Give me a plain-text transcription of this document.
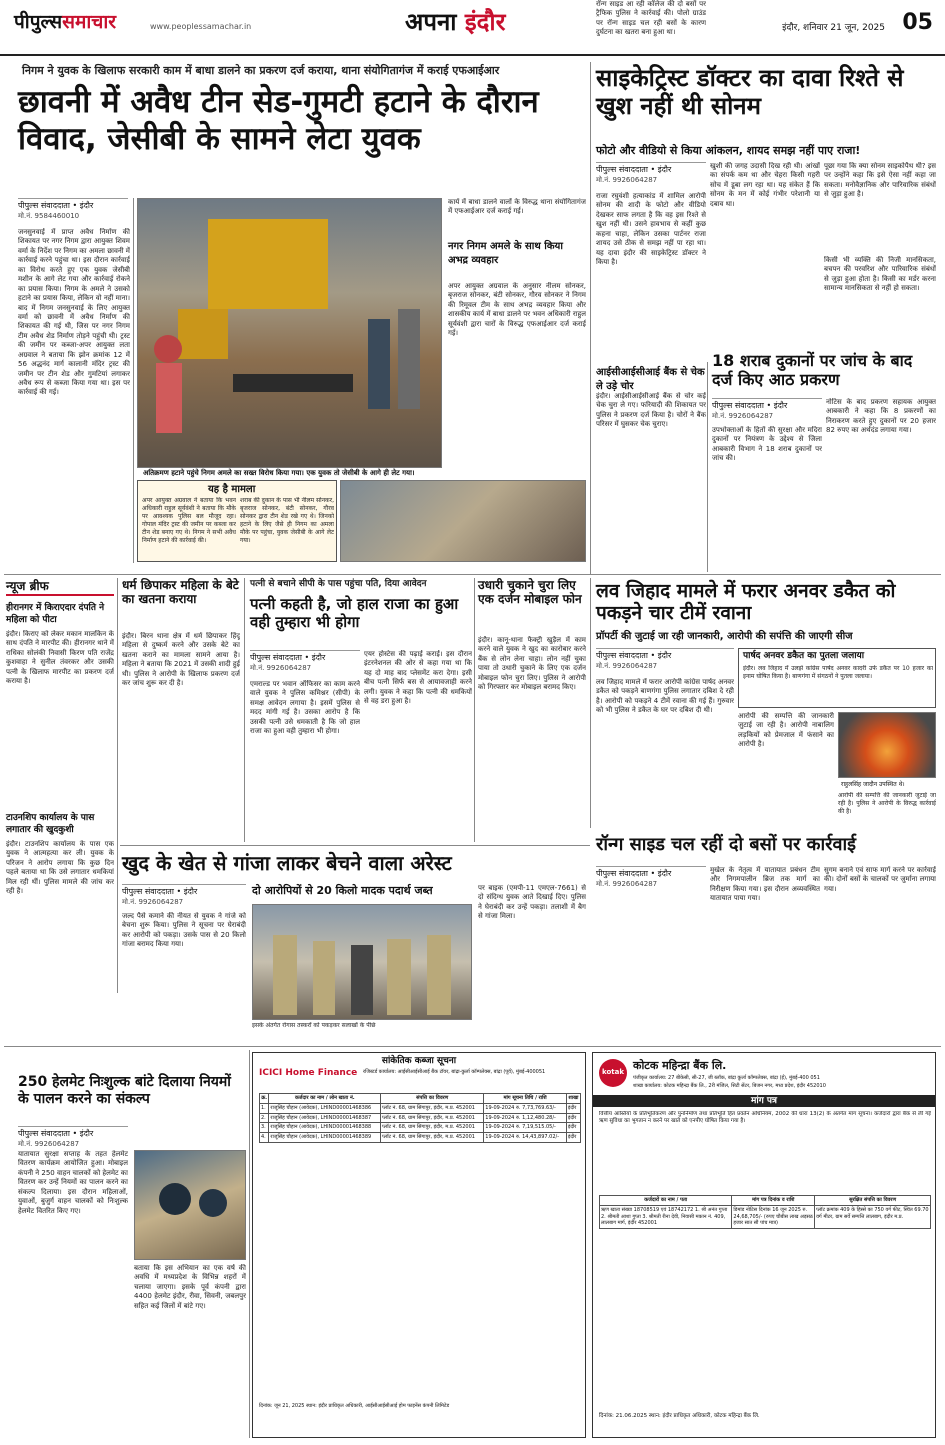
पीपुल्ससमाचार	www.peoplessamachar.in	अपना इंदौर	इंदौर, शनिवार 21 जून, 2025 05
निगम ने युवक के खिलाफ सरकारी काम में बाधा डालने का प्रकरण दर्ज कराया, थाना संयोगितागंज में कराई एफआईआर
छावनी में अवैध टीन सेड-गुमटी हटाने के दौरान विवाद, जेसीबी के सामने लेटा युवक
पीपुल्स संवाददाता • इंदौर
मो.नं. 9584460010
जनसुनवाई में प्राप्त अवैध निर्माण की शिकायत पर नगर निगम द्वारा आयुक्त शिवम वर्मा के निर्देश पर निगम का अमला छावनी में कार्रवाई करने पहुंचा था। इस दौरान कार्रवाई का विरोध करते हुए एक युवक जेसीबी मशीन के आगे लेट गया और कार्रवाई रोकने का प्रयास किया। निगम के अमले ने उसको हटाने का प्रयास किया, लेकिन वो नहीं माना। बाद में निगम जनसुनवाई के लिए आयुक्त वर्मा को छावनी में अवैध निर्माण की शिकायत की गई थी, जिस पर नगर निगम टीम अवैध शेड निर्माण तोड़ने पहुंची थी। ट्रस्ट की जमीन पर कब्जा-अपर आयुक्त लता अग्रवाल ने बताया कि झोन क्रमांक 12 में 56 अद्धनंद मार्ग कालानी मंदिर ट्रस्ट की जमीन पर टीन शेड और गुमटियां लगाकर अवैध रूप से कब्जा किया गया था। इस पर कार्रवाई की गई।
अतिक्रमण हटाने पहुंचे निगम अमले का सख्त विरोध किया गया। एक युवक तो जेसीबी के आगे ही लेट गया।
कार्य में बाधा डालने वालों के विरुद्ध थाना संयोगितागंज में एफआईआर दर्ज कराई गई।
नगर निगम अमले के साथ किया अभद्र व्यवहार
अपर आयुक्त अग्रवाल के अनुसार नीलम सोनकर, बृजराज सोनकर, बंटी सोनकर, गौरव सोनकर ने निगम की रिमूवल टीम के साथ अभद्र व्यवहार किया और शासकीय कार्य में बाधा डालने पर भवन अधिकारी राहुल सूर्यवंशी द्वारा चारों के विरुद्ध एफआईआर दर्ज कराई गई।
यह है मामला
अपर आयुक्त अग्रवाल ने बताया कि भवन अधिकारी राहुल सूर्यवंशी ने बताया कि मौके पर आवश्यक पुलिस बल मौजूद रहा। गोपाल मंदिर ट्रस्ट की जमीन पर कब्जा कर टीन शेड बनाए गए थे। निगम ने सभी अवैध निर्माण हटाने की कार्रवाई की।
शराब की दुकान के पास भी नीलम सोनकर, बृजराज सोनकर, बंटी सोनकर, गौरव सोनकर द्वारा टीन शेड रखे गए थे। जिनको हटाने के लिए जैसे ही निगम का अमला मौके पर पहुंचा, युवक जेसीबी के आगे लेट गया।
साइकेट्रिस्ट डॉक्टर का दावा रिश्ते से खुश नहीं थी सोनम
फोटो और वीडियो से किया आंकलन, शायद समझ नहीं पाए राजा!
पीपुल्स संवाददाता • इंदौर
मो.नं. 9926064287
राजा रघुवंशी हत्याकांड में शामिल आरोपी सोनम की शादी के फोटो और वीडियो देखकर साफ लगता है कि वह इस रिश्ते से खुश नहीं थी। उसने हावभाव से कहीं कुछ कहना चाहा, लेकिन उसका पार्टनर राजा शायद उसे ठीक से समझ नहीं पा रहा था। यह दावा इंदौर की साइकेट्रिस्ट डॉक्टर ने किया है।
खुशी की जगह उदासी दिख रही थी। आंखों का संपर्क कम था और चेहरा किसी गहरी सोच में डूबा लग रहा था। यह संकेत हैं कि सोनम के मन में कोई गंभीर परेशानी या दबाव था।
पूछा गया कि क्या सोनम साइकोपैथ थी? इस पर उन्होंने कहा कि इसे ऐसा नहीं कहा जा सकता। मनोवैज्ञानिक और पारिवारिक संबंधों से जुड़ा हुआ है।
किसी भी व्यक्ति की निजी मानसिकता, बचपन की परवरिश और पारिवारिक संबंधों से जुड़ा हुआ होता है। किसी का मर्डर करना सामान्य मानसिकता से नहीं हो सकता।
आईसीआईसीआई बैंक से चेक ले उड़े चोर
इंदौर। आईसीआईसीआई बैंक से चोर कई चेक चुरा ले गए। फरियादी की शिकायत पर पुलिस ने प्रकरण दर्ज किया है। चोरों ने बैंक परिसर में घुसकर चेक चुराए।
18 शराब दुकानों पर जांच के बाद दर्ज किए आठ प्रकरण
पीपुल्स संवाददाता • इंदौर
मो.नं. 9926064287
उपभोक्ताओं के हितों की सुरक्षा और मदिरा दुकानों पर नियंत्रण के उद्देश्य से जिला आबकारी विभाग ने 18 शराब दुकानों पर जांच की।
नोटिस के बाद प्रकरण सहायक आयुक्त आबकारी ने कहा कि 8 प्रकरणों का निराकरण करते हुए दुकानों पर 20 हजार 82 रुपए का अर्थदंड लगाया गया।
न्यूज ब्रीफ
हीरानगर में किराएदार दंपति ने महिला को पीटा
इंदौर। किराए को लेकर मकान मालकिन के साथ दंपति ने मारपीट की। हीरानगर थाने में राधिका सोलंकी निवासी किरण पति राजेंद्र कुशवाहा ने सुनील तंवरकर और उसकी पत्नी के खिलाफ मारपीट का प्रकरण दर्ज कराया है।
टाउनशिप कार्यालय के पास लगातार की खुदकुशी
इंदौर। टाउनशिप कार्यालय के पास एक युवक ने आत्महत्या कर ली। युवक के परिजन ने आरोप लगाया कि कुछ दिन पहले बताया था कि उसे लगातार धमकियां मिल रही थीं। पुलिस मामले की जांच कर रही है।
धर्म छिपाकर महिला के बेटे का खतना कराया
इंदौर। बिरन थाना क्षेत्र में धर्म छिपाकर हिंदू महिला से दुष्कर्म करने और उसके बेटे का खतना कराने का मामला सामने आया है। महिला ने बताया कि 2021 में उसकी शादी हुई थी। पुलिस ने आरोपी के खिलाफ प्रकरण दर्ज कर जांच शुरू कर दी है।
पत्नी से बचाने सीपी के पास पहुंचा पति, दिया आवेदन
पत्नी कहती है, जो हाल राजा का हुआ वही तुम्हारा भी होगा
पीपुल्स संवाददाता • इंदौर
मो.नं. 9926064287
एमराल्ड पर भवान ऑफिसर का काम करने वाले युवक ने पुलिस कमिश्नर (सीपी) के समक्ष आवेदन लगाया है। इसमें पुलिस से मदद मांगी गई है। उसका आरोप है कि उसकी पत्नी उसे धमकाती है कि जो हाल राजा का हुआ वही तुम्हारा भी होगा।
एयर होस्टेस की पढ़ाई कराई। इस दौरान इंटरनेशनल की ओर से कहा गया था कि यह दो माह बाद प्लेसमेंट करा देगा। इसी बीच पत्नी सिर्फ बस से आयावजाही करने लगी। युवक ने कहा कि पत्नी की धमकियों से वह डरा हुआ है।
उधारी चुकाने चुरा लिए एक दर्जन मोबाइल फोन
इंदौर। कानू-थाना फैक्ट्री खुड़ैल में काम करने वाले युवक ने खुद का कारोबार करने बैंक से लोन लेना चाहा। लोन नहीं चुका पाया तो उधारी चुकाने के लिए एक दर्जन मोबाइल फोन चुरा लिए। पुलिस ने आरोपी को गिरफ्तार कर मोबाइल बरामद किए।
लव जिहाद मामले में फरार अनवर डकैत को पकड़ने चार टीमें रवाना
प्रॉपर्टी की जुटाई जा रही जानकारी, आरोपी की सपंत्ति की जाएगी सीज
पीपुल्स संवाददाता • इंदौर
मो.नं. 9926064287
लव जिहाद मामले में फरार आरोपी कांग्रेस पार्षद अनवर डकैत को पकड़ने बाणगंगा पुलिस लगातार दबिश दे रही है। आरोपी को पकड़ने 4 टीमें रवाना की गई हैं। गुरुवार को भी पुलिस ने डकैत के घर पर दबिश दी थी।
पार्षद अनवर डकैत का पुतला जलाया
इंदौर। लव जिहाद में उलझे कांग्रेस पार्षद अनवर कादरी उर्फ डकैत पर 10 हजार का इनाम घोषित किया है। बाणगंगा में संगठनों ने पुतला जलाया।
आरोपी की सम्पत्ति की जानकारी जुटाई जा रही है। आरोपी नाबालिग लड़कियों को प्रेमजाल में फंसाने का आरोपी है।
राहुलसिंह जादौन उपस्थित थे।
आरोपी की सम्पत्ति की जानकारी जुटाई जा रही है। पुलिस ने आरोपी के विरुद्ध कार्रवाई की है।
खुद के खेत से गांजा लाकर बेचने वाला अरेस्ट
पीपुल्स संवाददाता • इंदौर
मो.नं. 9926064287
जल्द पैसे कमाने की नीयत से युवक ने गांजे को बेचना शुरू किया। पुलिस ने सूचना पर घेराबंदी कर आरोपी को पकड़ा। उसके पास से 20 किलो गांजा बरामद किया गया।
दो आरोपियों से 20 किलो मादक पदार्थ जब्त
इसके अंतर्गत रोगास तस्करों को पकड़कर सलाखों के पीछे
पर बाइक (एमपी-11 एमएल-7661) से दो संदिग्ध युवक आते दिखाई दिए। पुलिस ने घेराबंदी कर उन्हें पकड़ा। तलाशी में बैग से गांजा मिला।
रॉन्ग साइड चल रहीं दो बसों पर कार्रवाई
पीपुल्स संवाददाता • इंदौर
मो.नं. 9926064287
रॉन्ग साइड आ रही कॉलेज की दो बसों पर ट्रैफिक पुलिस ने कार्रवाई की। पोलो ग्राउंड पर रॉन्ग साइड चल रही बसों के कारण दुर्घटना का खतरा बना हुआ था।
मुखेल के नेतृत्व में यातायात प्रबंधन टीम और निगमपालीन ब्रिज तक मार्ग का निरीक्षण किया गया। इस दौरान अव्यवस्थित यातायात पाया गया।
सुगम बनाने एवं साफ मार्ग करने पर कार्रवाई की। दोनों बसों के चालकों पर जुर्माना लगाया गया।
250 हेलमेट निःशुल्क बांटे दिलाया नियमों के पालन करने का संकल्प
पीपुल्स संवाददाता • इंदौर
मो.नं. 9926064287
यातायात सुरक्षा सप्ताह के तहत हेलमेट वितरण कार्यक्रम आयोजित हुआ। मोबाइल कंपनी ने 250 वाहन चालकों को हेलमेट का वितरण कर उन्हें नियमों का पालन करने का संकल्प दिलाया। इस दौरान महिलाओं, युवाओं, बुजुर्ग वाहन चालकों को निःशुल्क हेलमेट वितरित किए गए।
बताया कि इस अभियान का एक वर्ष की अवधि में मध्यप्रदेश के विभिन्न शहरों में चलाया जाएगा। इसके पूर्व कंपनी द्वारा 4400 हेलमेट इंदौर, रीवा, सिवनी, जबलपुर सहित कई जिलों में बांटे गए।
सांकेतिक कब्जा सूचना
ICICI Home Finance रजिस्टर्ड कार्यालय: आईसीआईसीआई बैंक टॉवर, बांद्रा-कुर्ला कॉम्पलेक्स, बांद्रा (पूर्व), मुंबई-400051
क्र.	कर्जदार का नाम / लोन खाता नं.	संपत्ति का विवरण	मांग सूचना तिथि / राशि	शाखा
1.	राजूसिंह चौहान (आवेदक), LHIND00001468386	प्लॉट नं. 68, ग्राम सिंगापुर, इंदौर, म.प्र. 452001	19-09-2024 रु. 7,73,769.63/-	इंदौर
2.	राजूसिंह चौहान (आवेदक), LHIND00001468387	प्लॉट नं. 68, ग्राम सिंगापुर, इंदौर, म.प्र. 452001	19-09-2024 रु. 1,12,480.28/-	इंदौर
3.	राजूसिंह चौहान (आवेदक), LHIND00001468388	प्लॉट नं. 68, ग्राम सिंगापुर, इंदौर, म.प्र. 452001	19-09-2024 रु. 7,19,515.05/-	इंदौर
4.	राजूसिंह चौहान (आवेदक), LHIND00001468389	प्लॉट नं. 68, ग्राम सिंगापुर, इंदौर, म.प्र. 452001	19-09-2024 रु. 14,43,897.02/-	इंदौर
दिनांक: जून 21, 2025 स्थान: इंदौर प्राधिकृत अधिकारी, आईसीआईसीआई होम फाइनेंस कंपनी लिमिटेड
kotak
कोटक महिन्द्रा बैंक लि.
पंजीकृत कार्यालय: 27 बीकेसी, सी-27, जी ब्लॉक, बांद्रा कुर्ला कॉम्पलेक्स, बांद्रा (ई), मुंबई-400 051
शाखा कार्यालय: कोटक महिन्द्रा बैंक लि., 2री मंजिल, सिटी सेंटर, बिजन नगर, मध्य प्रदेश, इंदौर 452010
मांग पत्र
वित्तीय आस्तियों के प्रतिभूतिकरण और पुनर्निर्माण तथा प्रतिभूति हित प्रवर्तन अधिनियम, 2002 की धारा 13(2) के अंतर्गत मांग सूचना। कर्जदारों द्वारा बैंक से ली गई ऋण सुविधा का भुगतान न करने पर खाते को एनपीए घोषित किया गया है।
कर्जदारों का नाम / पता	मांग पत्र दिनांक व राशि	सुरक्षित संपत्ति का विवरण
ऋण खाता संख्या 18708519 एवं 18742172 1. श्री अनंत गुप्ता 2. श्रीमती आशा गुप्ता 3. श्रीमती रीना देवी, निवासी मकान नं. 409, लालबाग मार्ग, इंदौर 452001	डिमांड नोटिस दिनांक 16 जून 2025 रु. 24,68,705/- (रुपए चौबीस लाख अड़सठ हजार सात सौ पांच मात्र)	प्लॉट क्रमांक 409 के हिस्से का 750 वर्ग फीट, स्थित 69.70 वर्ग मीटर, ग्राम सर्वे सम्पत्ति लालबाग, इंदौर म.प्र.
दिनांक: 21.06.2025 स्थान: इंदौर प्राधिकृत अधिकारी, कोटक महिन्द्रा बैंक लि.
